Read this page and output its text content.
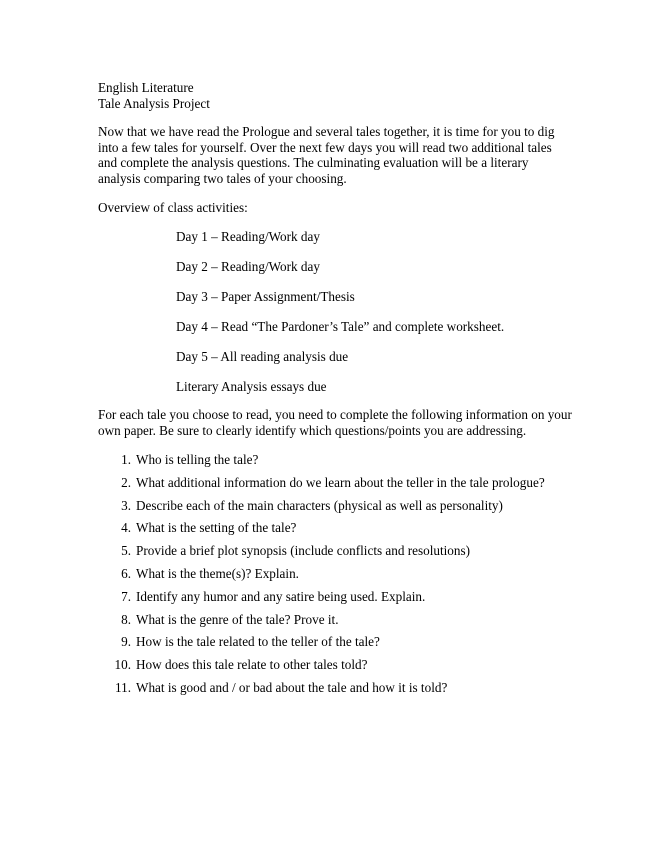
English Literature
Tale Analysis Project
Now that we have read the Prologue and several tales together, it is time for you to dig
into a few tales for yourself. Over the next few days you will read two additional tales
and complete the analysis questions. The culminating evaluation will be a literary
analysis comparing two tales of your choosing.
Overview of class activities:
Day 1 – Reading/Work day
Day 2 – Reading/Work day
Day 3 – Paper Assignment/Thesis
Day 4 – Read “The Pardoner’s Tale” and complete worksheet.
Day 5 – All reading analysis due
Literary Analysis essays due
For each tale you choose to read, you need to complete the following information on your
own paper. Be sure to clearly identify which questions/points you are addressing.
1. Who is telling the tale?
2. What additional information do we learn about the teller in the tale prologue?
3. Describe each of the main characters (physical as well as personality)
4. What is the setting of the tale?
5. Provide a brief plot synopsis (include conflicts and resolutions)
6. What is the theme(s)? Explain.
7. Identify any humor and any satire being used. Explain.
8. What is the genre of the tale? Prove it.
9. How is the tale related to the teller of the tale?
10. How does this tale relate to other tales told?
11. What is good and / or bad about the tale and how it is told?
